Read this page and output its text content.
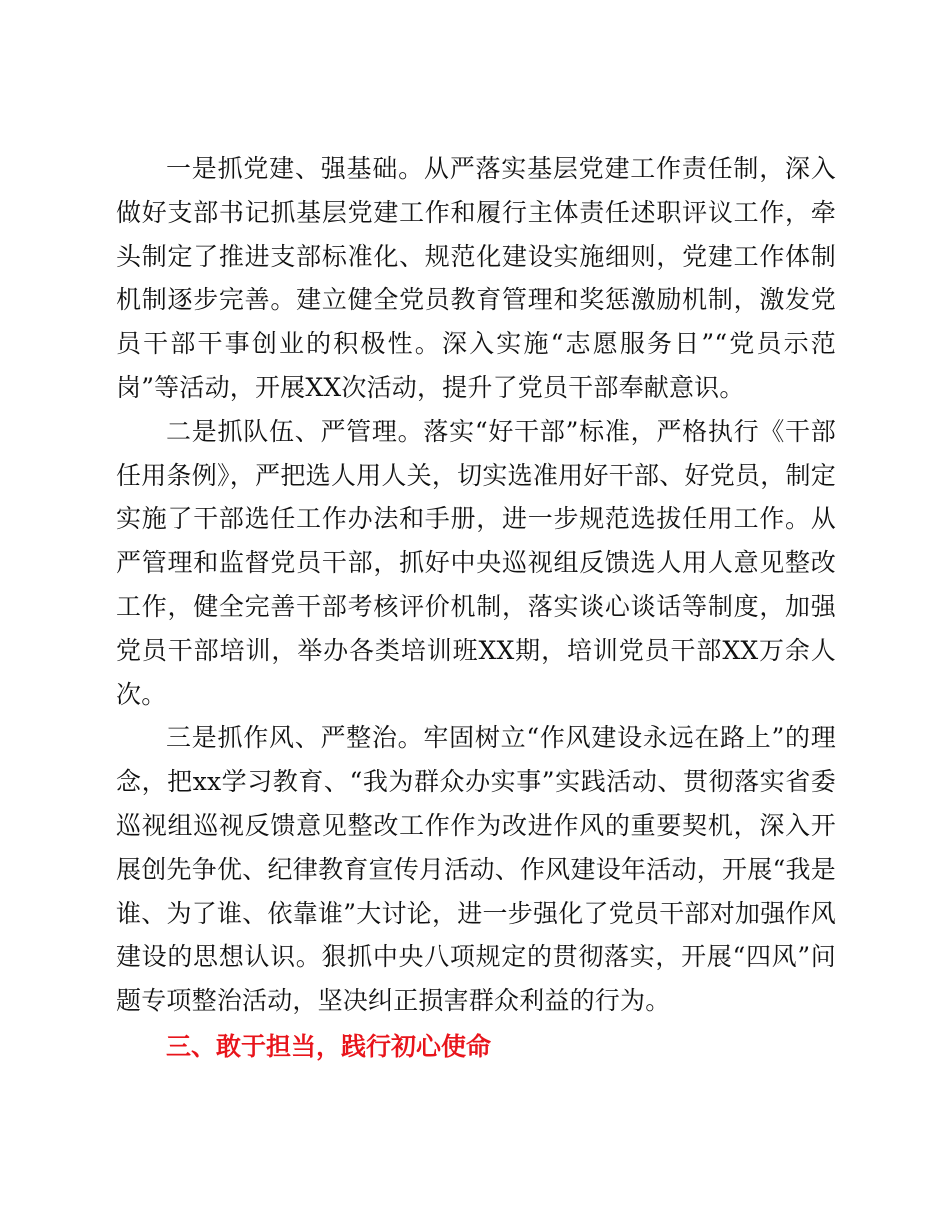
一是抓党建、强基础。从严落实基层党建工作责任制，深入做好支部书记抓基层党建工作和履行主体责任述职评议工作，牵头制定了推进支部标准化、规范化建设实施细则，党建工作体制机制逐步完善。建立健全党员教育管理和奖惩激励机制，激发党员干部干事创业的积极性。深入实施“志愿服务日”“党员示范岗”等活动，开展XX次活动，提升了党员干部奉献意识。

二是抓队伍、严管理。落实“好干部”标准，严格执行《干部任用条例》，严把选人用人关，切实选准用好干部、好党员，制定实施了干部选任工作办法和手册，进一步规范选拔任用工作。从严管理和监督党员干部，抓好中央巡视组反馈选人用人意见整改工作，健全完善干部考核评价机制，落实谈心谈话等制度，加强党员干部培训，举办各类培训班XX期，培训党员干部XX万余人次。

三是抓作风、严整治。牢固树立“作风建设永远在路上”的理念，把xx学习教育、“我为群众办实事”实践活动、贯彻落实省委巡视组巡视反馈意见整改工作作为改进作风的重要契机，深入开展创先争优、纪律教育宣传月活动、作风建设年活动，开展“我是谁、为了谁、依靠谁”大讨论，进一步强化了党员干部对加强作风建设的思想认识。狠抓中央八项规定的贯彻落实，开展“四风”问题专项整治活动，坚决纠正损害群众利益的行为。

三、敢于担当，践行初心使命
